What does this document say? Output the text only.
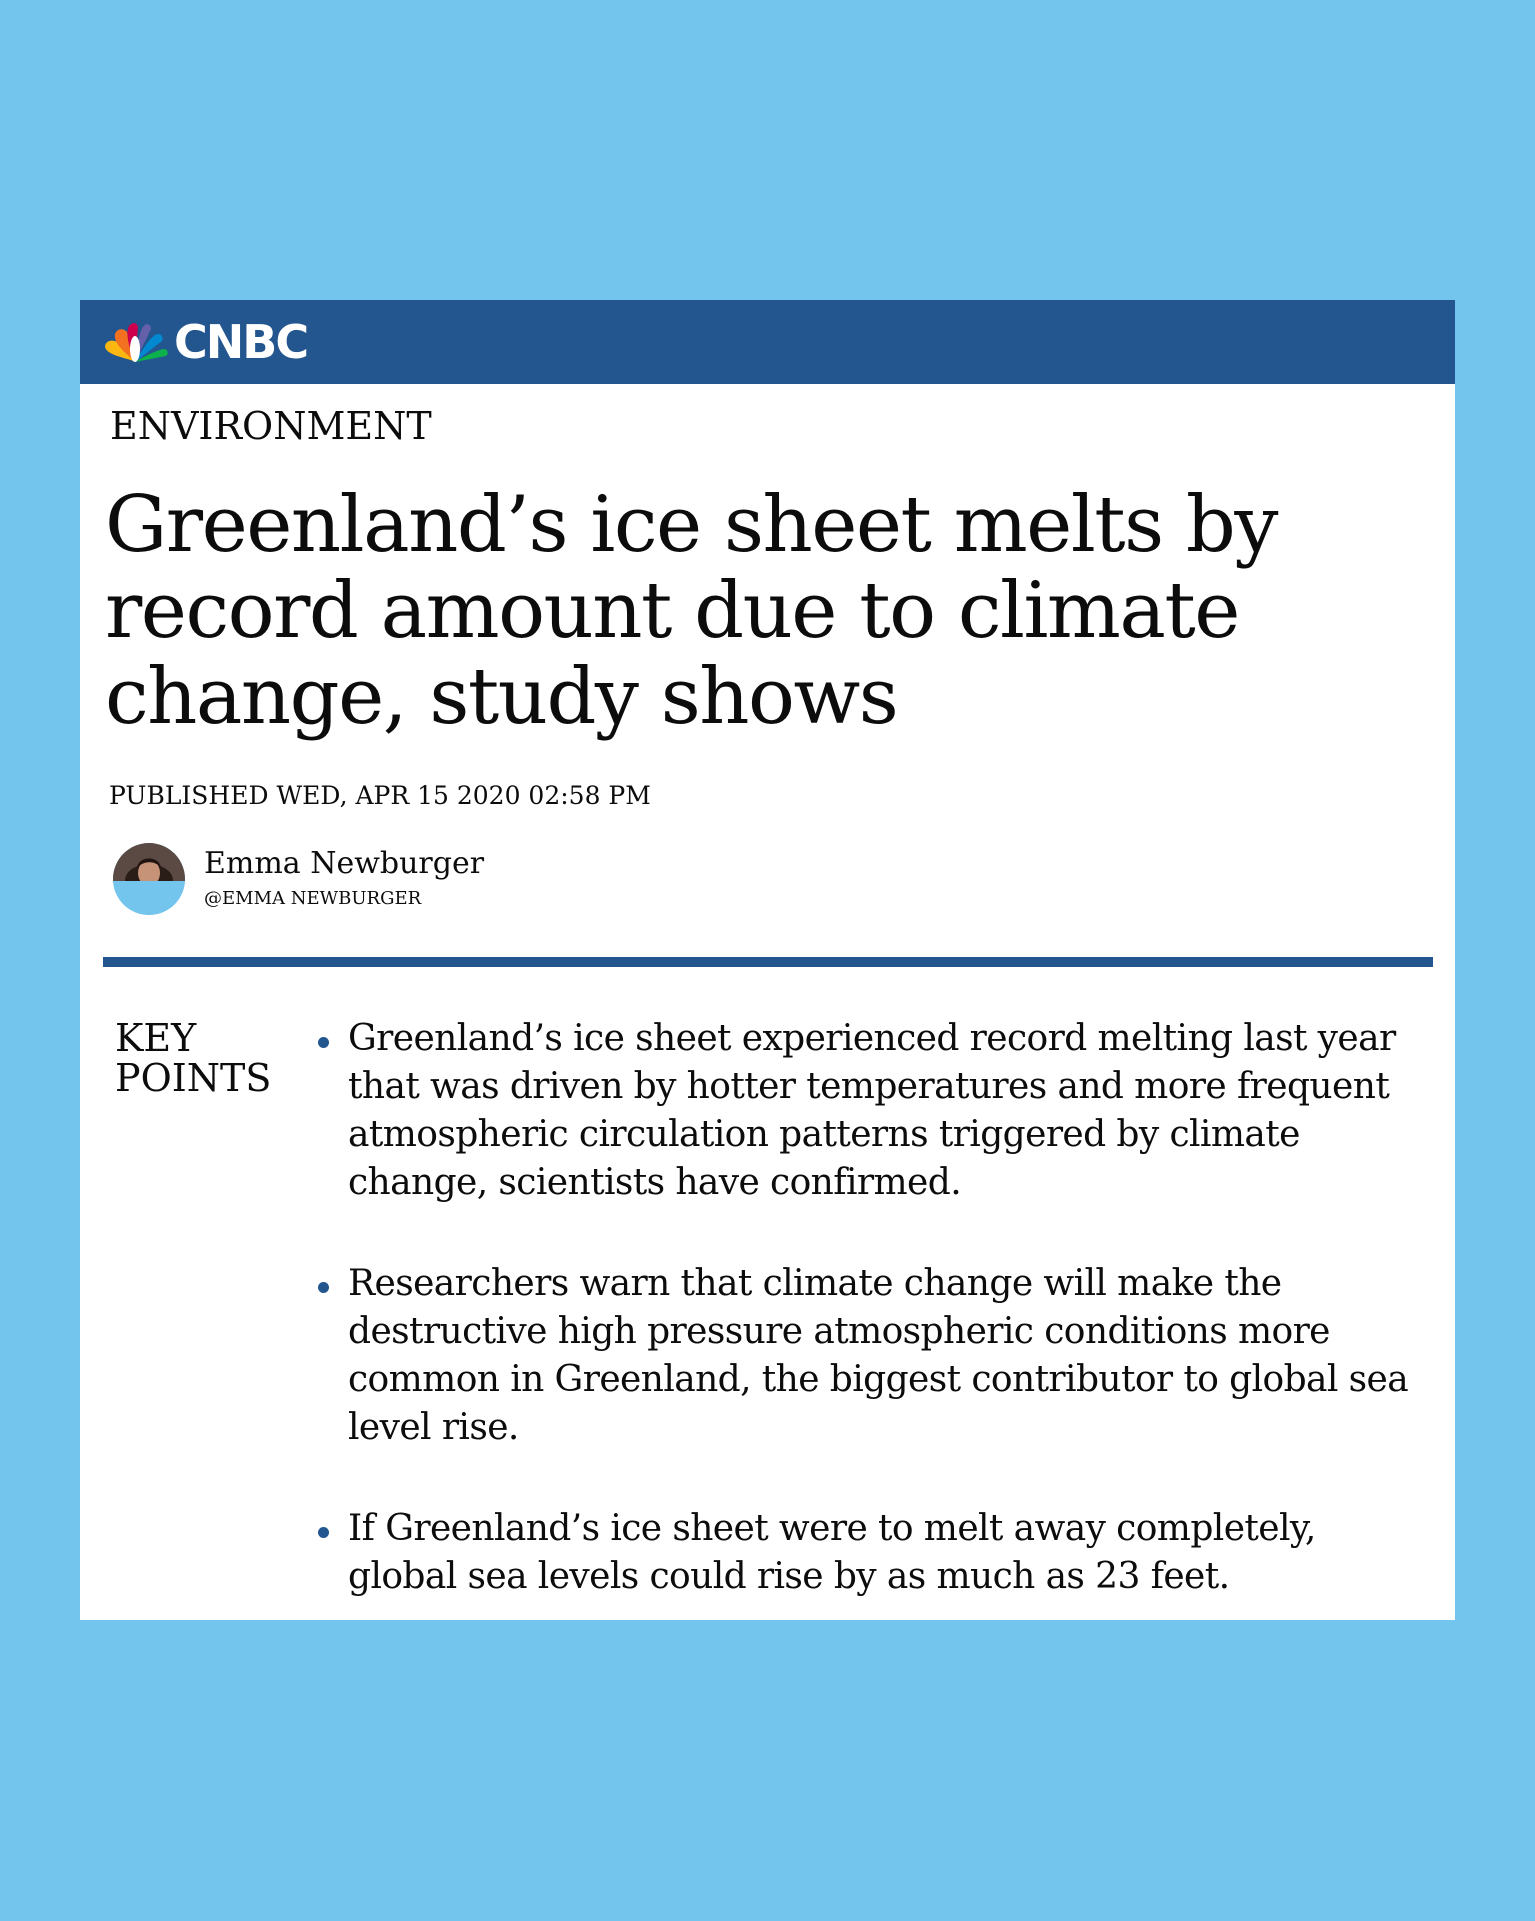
CNBC
ENVIRONMENT
Greenland’s ice sheet melts by record amount due to climate change, study shows
PUBLISHED WED, APR 15 2020 02:58 PM
Emma Newburger
@EMMA NEWBURGER
KEY POINTS
Greenland’s ice sheet experienced record melting last year that was driven by hotter temperatures and more frequent atmospheric circulation patterns triggered by climate change, scientists have confirmed.
Researchers warn that climate change will make the destructive high pressure atmospheric conditions more common in Greenland, the biggest contributor to global sea level rise.
If Greenland’s ice sheet were to melt away completely, global sea levels could rise by as much as 23 feet.
